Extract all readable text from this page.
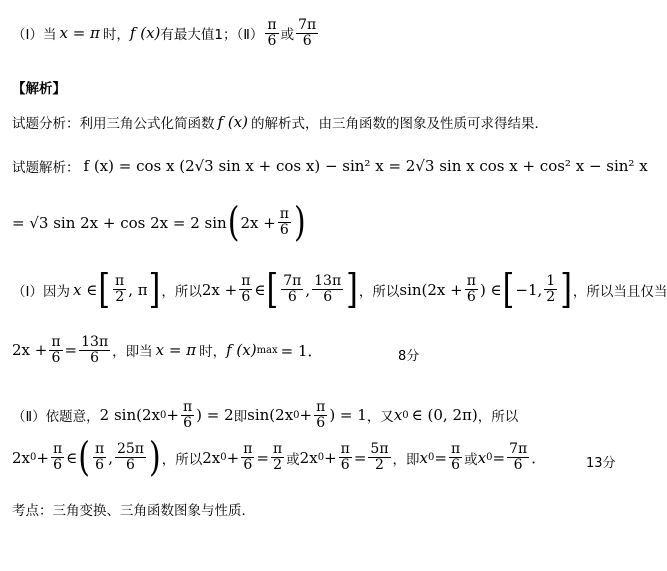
（Ⅰ）当 x = π 时， f (x) 有最大值1；（Ⅱ） $\frac{\pi}{6}$ 或 $\frac{7\pi}{6}$
【解析】
试题分析：利用三角公式化简函数 f (x) 的解析式，由三角函数的图象及性质可求得结果．
试题解析： f (x) = cos x (2√3 sin x + cos x) − sin² x = 2√3 sin x cos x + cos² x − sin² x
= √3 sin 2x + cos 2x = 2 sin ( $2x + \frac{\pi}{6}$ )
（Ⅰ）因为 x ∈ [ $\frac{\pi}{2}$ , π ] ，所以 $2x + \frac{\pi}{6}$ ∈ [ $\frac{7\pi}{6}$ , $\frac{13\pi}{6}$ ] ，所以 $\sin(2x + \frac{\pi}{6}$ ) ∈ [ −1, $\frac{1}{2}$ ] ，所以当且仅当
$2x + \frac{\pi}{6} = \frac{13\pi}{6}$ ，即当 x = π 时， f (x) max = 1．	8分
（Ⅱ）依题意， 2 sin(2x $0 + \frac{\pi}{6}$ ) = 2 即 sin(2x $0 + \frac{\pi}{6}$ ) = 1 ，又 x 0 ∈ (0, 2π) ，所以
2x $0 + \frac{\pi}{6}$ ∈ ( $\frac{\pi}{6}$ , $\frac{25\pi}{6}$ ) ，所以 2x $0 + \frac{\pi}{6} = \frac{\pi}{2}$ 或 2x $0 + \frac{\pi}{6} = \frac{5\pi}{2}$ ，即 x $0 = \frac{\pi}{6}$ 或 x $0 = \frac{7\pi}{6}$ ．	13分
考点：三角变换、三角函数图象与性质．
